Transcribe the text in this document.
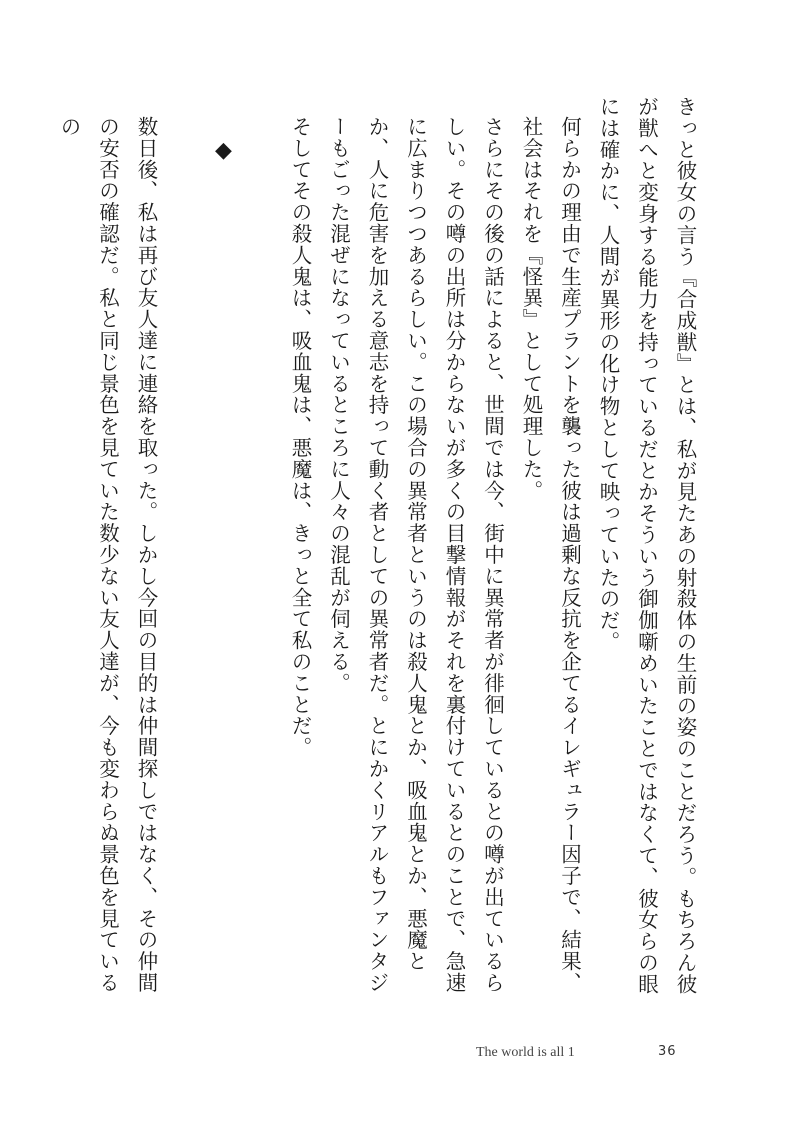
きっと彼女の言う『合成獣』とは、私が見たあの射殺体の生前の姿のことだろう。もちろん彼が獣へと変身する能力を持っているだとかそういう御伽噺めいたことではなくて、彼女らの眼には確かに、人間が異形の化け物として映っていたのだ。

何らかの理由で生産プラントを襲った彼は過剰な反抗を企てるイレギュラー因子で、結果、社会はそれを『怪異』として処理した。

さらにその後の話によると、世間では今、街中に異常者が徘徊しているとの噂が出ているらしい。その噂の出所は分からないが多くの目撃情報がそれを裏付けているとのことで、急速に広まりつつあるらしい。この場合の異常者というのは殺人鬼とか、吸血鬼とか、悪魔とか、人に危害を加える意志を持って動く者としての異常者だ。とにかくリアルもファンタジーもごった混ぜになっているところに人々の混乱が伺える。

そしてその殺人鬼は、吸血鬼は、悪魔は、きっと全て私のことだ。

◆

数日後、私は再び友人達に連絡を取った。しかし今回の目的は仲間探しではなく、その仲間の安否の確認だ。私と同じ景色を見ていた数少ない友人達が、今も変わらぬ景色を見ているの

The world is all 1	36
